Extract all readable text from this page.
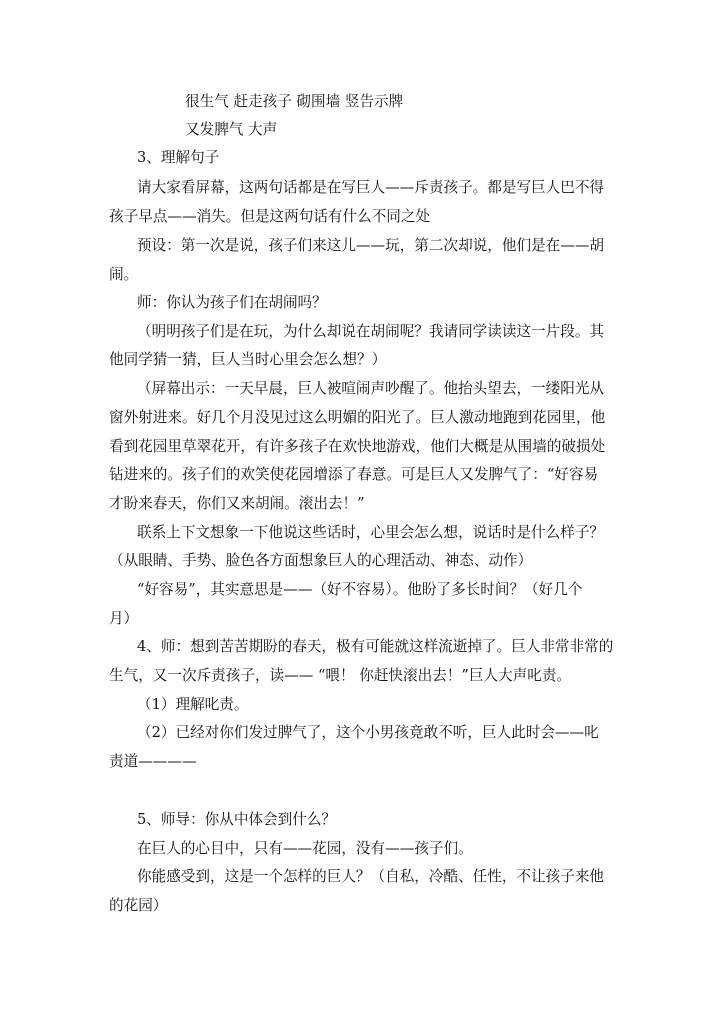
很生气 赶走孩子 砌围墙 竖告示牌
又发脾气 大声
3、理解句子
请大家看屏幕，这两句话都是在写巨人——斥责孩子。都是写巨人巴不得
孩子早点——消失。但是这两句话有什么不同之处
预设：第一次是说，孩子们来这儿——玩，第二次却说，他们是在——胡
闹。
师：你认为孩子们在胡闹吗？
（明明孩子们是在玩，为什么却说在胡闹呢？我请同学读读这一片段。其
他同学猜一猜，巨人当时心里会怎么想？）
（屏幕出示：一天早晨，巨人被喧闹声吵醒了。他抬头望去，一缕阳光从
窗外射进来。好几个月没见过这么明媚的阳光了。巨人激动地跑到花园里，他
看到花园里草翠花开，有许多孩子在欢快地游戏，他们大概是从围墙的破损处
钻进来的。孩子们的欢笑使花园增添了春意。可是巨人又发脾气了：“好容易
才盼来春天，你们又来胡闹。滚出去！”
联系上下文想象一下他说这些话时，心里会怎么想，说话时是什么样子？
（从眼睛、手势、脸色各方面想象巨人的心理活动、神态、动作）
“好容易”，其实意思是——（好不容易）。他盼了多长时间？（好几个
月）
4、师：想到苦苦期盼的春天，极有可能就这样流逝掉了。巨人非常非常的
生气，又一次斥责孩子，读—— “喂！ 你赶快滚出去！”巨人大声叱责。
（1）理解叱责。
（2）已经对你们发过脾气了，这个小男孩竟敢不听，巨人此时会——叱
责道————
5、师导：你从中体会到什么？
在巨人的心目中，只有——花园，没有——孩子们。
你能感受到，这是一个怎样的巨人？（自私，冷酷、任性，不让孩子来他
的花园）
